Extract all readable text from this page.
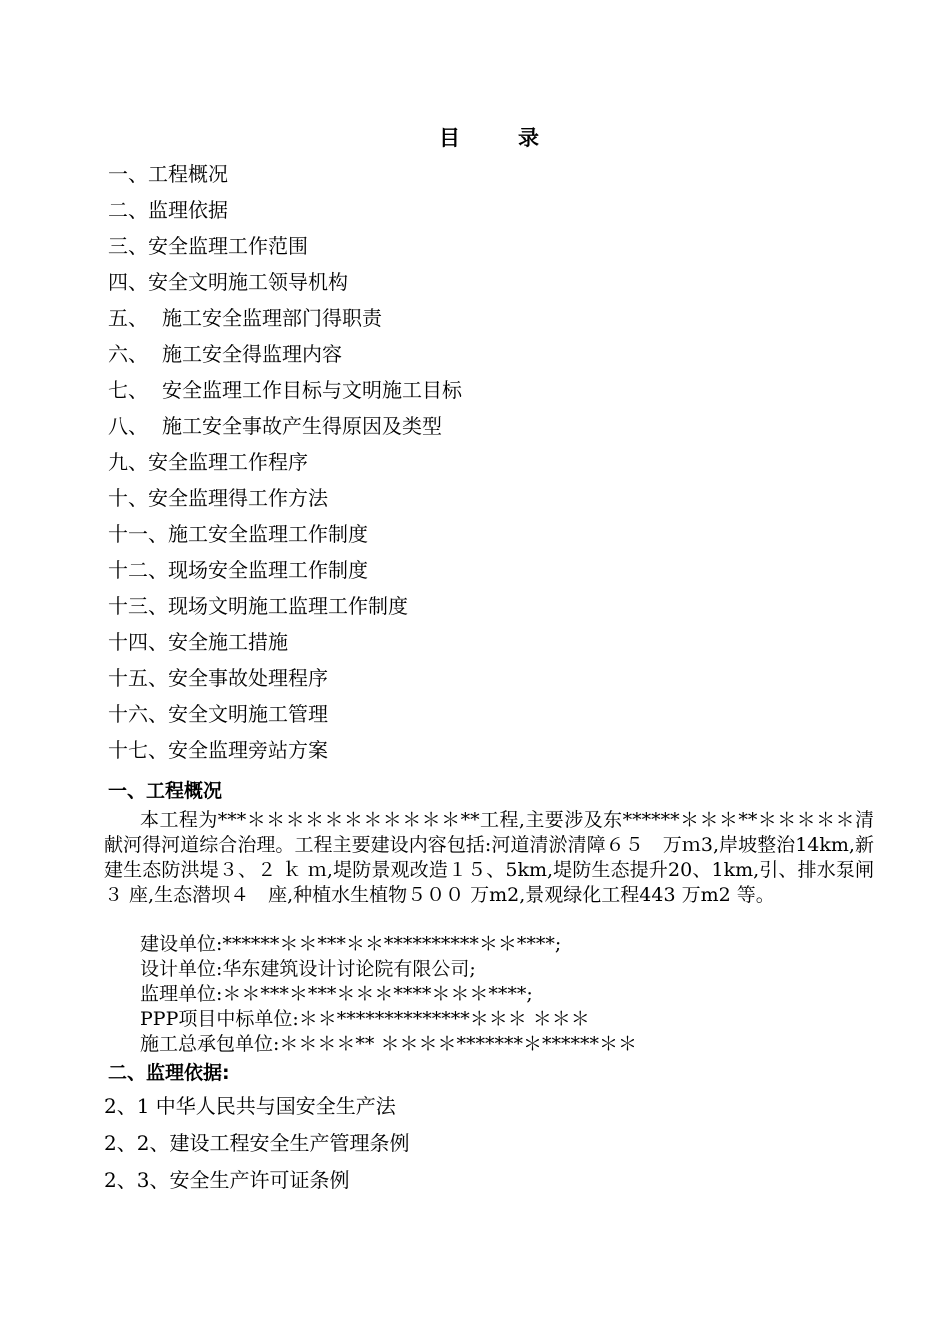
目	录
一、工程概况
二、监理依据
三、安全监理工作范围
四、安全文明施工领导机构
五、 施工安全监理部门得职责
六、 施工安全得监理内容
七、 安全监理工作目标与文明施工目标
八、 施工安全事故产生得原因及类型
九、安全监理工作程序
十、安全监理得工作方法
十一、施工安全监理工作制度
十二、现场安全监理工作制度
十三、现场文明施工监理工作制度
十四、安全施工措施
十五、安全事故处理程序
十六、安全文明施工管理
十七、安全监理旁站方案
一、工程概况

本工程为***＊＊＊＊＊＊＊＊＊＊＊**工程,主要涉及东******＊＊＊**＊＊＊＊＊清献河得河道综合治理。工程主要建设内容包括:河道清淤清障６５　万ｍ3,岸坡整治14km,新建生态防洪堤３、２ ｋ ｍ,堤防景观改造１５、5km,堤防生态提升20、1km,引、排水泵闸３ 座,生态潜坝４　座,种植水生植物５００ 万m2,景观绿化工程443 万m2 等。

建设单位:******＊＊***＊＊**********＊＊****;
设计单位:华东建筑设计讨论院有限公司;
监理单位:＊＊***＊***＊＊＊****＊＊＊****;
PPP项目中标单位:＊＊**************＊＊＊ ＊＊＊
施工总承包单位:＊＊＊＊** ＊＊＊＊*******＊******＊＊
二、监理依据:
2、1 中华人民共与国安全生产法
2、2、建设工程安全生产管理条例
2、3、安全生产许可证条例
